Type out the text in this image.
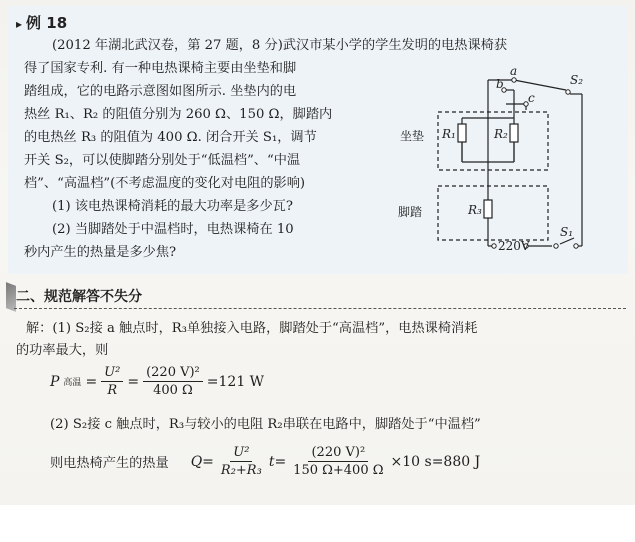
▸ 例 18

(2012 年湖北武汉卷，第 27 题，8 分)武汉市某小学的学生发明的电热课椅获

得了国家专利. 有一种电热课椅主要由坐垫和脚

踏组成，它的电路示意图如图所示. 坐垫内的电

热丝 R₁、R₂ 的阻值分别为 260 Ω、150 Ω，脚踏内

的电热丝 R₃ 的阻值为 400 Ω. 闭合开关 S₁，调节

开关 S₂，可以使脚踏分别处于“低温档”、“中温

档”、“高温档”(不考虑温度的变化对电阻的影响)

(1) 该电热课椅消耗的最大功率是多少瓦?

(2) 当脚踏处于中温档时，电热课椅在 10

秒内产生的热量是多少焦?

a
b
c
S₂
R₁	R₂
R₃
S₁
220V
坐垫
脚踏
二、规范解答不失分
解：(1) S₂接 a 触点时，R₃单独接入电路，脚踏处于“高温档”，电热课椅消耗
的功率最大，则
P 高温 = $\frac{\text{U²}}{R} = \frac{\text{(220 V)²}}{400 \Omega} =121$ W
(2) S₂接 c 触点时，R₃与较小的电阻 R₂串联在电路中，脚踏处于“中温档”
则电热椅产生的热量 $Q= \frac{\text{U²}}{\text{R₂+R₃}} t= \frac{\text{(220 V)²}}{150 \Omega+400 \Omega} \times 10$ s=880 J
